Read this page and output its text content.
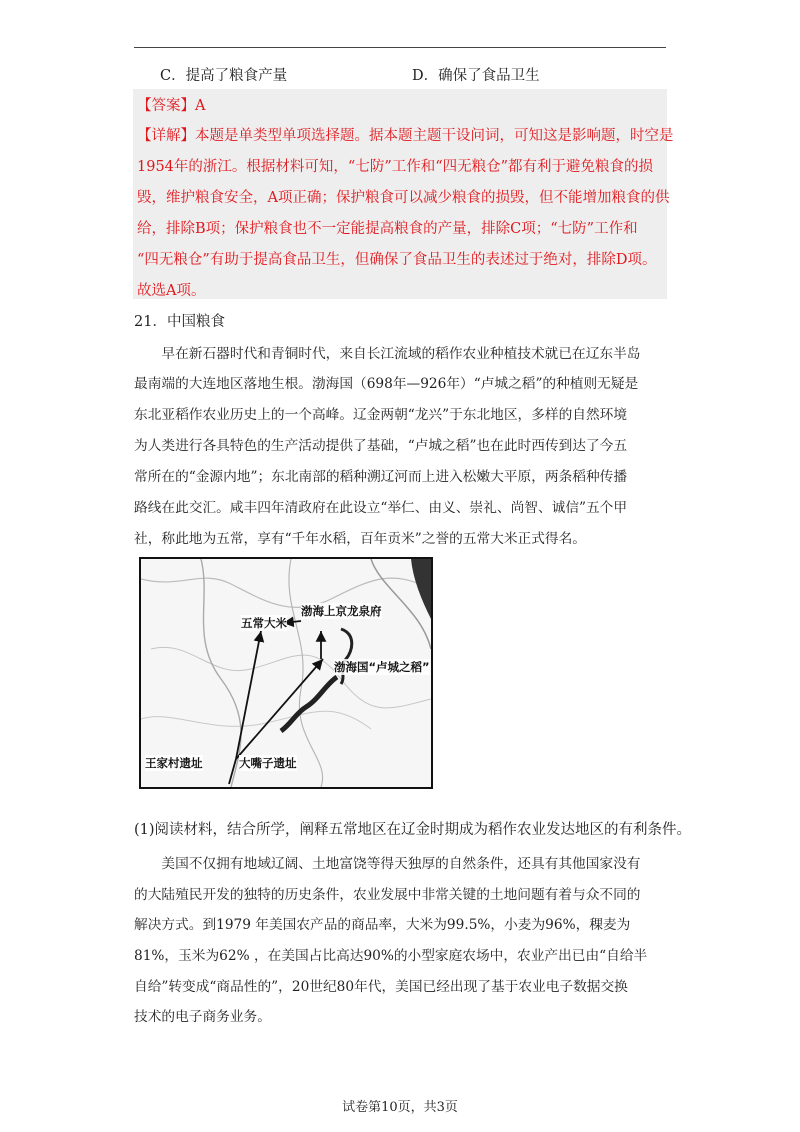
C．提高了粮食产量	D．确保了食品卫生
【答案】A
【详解】本题是单类型单项选择题。据本题主题干设问词，可知这是影响题，时空是
1954年的浙江。根据材料可知，“七防”工作和“四无粮仓”都有利于避免粮食的损
毁，维护粮食安全，A项正确；保护粮食可以减少粮食的损毁，但不能增加粮食的供
给，排除B项；保护粮食也不一定能提高粮食的产量，排除C项；“七防”工作和
“四无粮仓”有助于提高食品卫生，但确保了食品卫生的表述过于绝对，排除D项。
故选A项。
21．中国粮食
　　早在新石器时代和青铜时代，来自长江流域的稻作农业种植技术就已在辽东半岛
最南端的大连地区落地生根。渤海国（698年—926年）“卢城之稻”的种植则无疑是
东北亚稻作农业历史上的一个高峰。辽金两朝“龙兴”于东北地区，多样的自然环境
为人类进行各具特色的生产活动提供了基础，“卢城之稻”也在此时西传到达了今五
常所在的“金源内地”；东北南部的稻种溯辽河而上进入松嫩大平原，两条稻种传播
路线在此交汇。咸丰四年清政府在此设立“举仁、由义、崇礼、尚智、诚信”五个甲
社，称此地为五常，享有“千年水稻，百年贡米”之誉的五常大米正式得名。
五常大米
渤海上京龙泉府
渤海国“卢城之稻”
王家村遗址	大嘴子遗址
(1)阅读材料，结合所学，阐释五常地区在辽金时期成为稻作农业发达地区的有利条件。
　　美国不仅拥有地域辽阔、土地富饶等得天独厚的自然条件，还具有其他国家没有
的大陆殖民开发的独特的历史条件，农业发展中非常关键的土地问题有着与众不同的
解决方式。到1979 年美国农产品的商品率，大米为99.5%，小麦为96%，稞麦为
81%，玉米为62% ，在美国占比高达90%的小型家庭农场中，农业产出已由“自给半
自给”转变成“商品性的”，20世纪80年代，美国已经出现了基于农业电子数据交换
技术的电子商务业务。
试卷第10页，共3页
